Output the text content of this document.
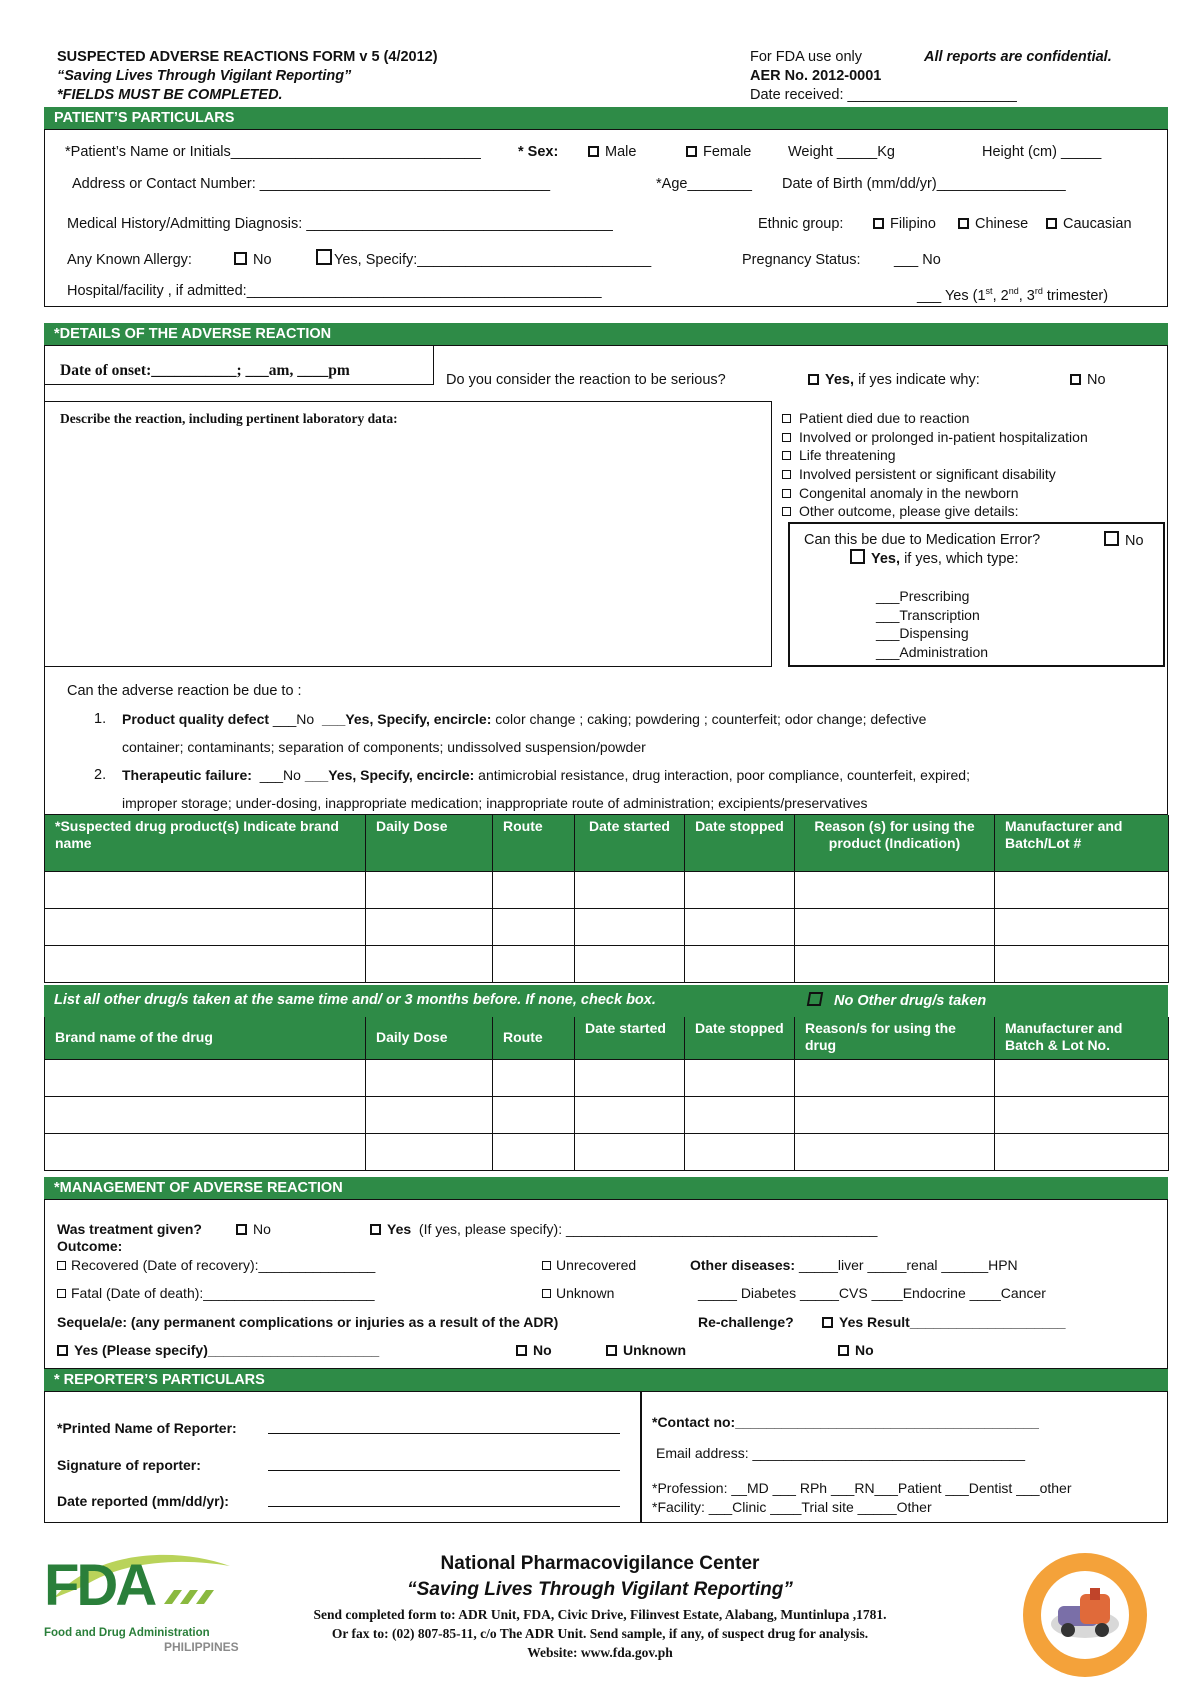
SUSPECTED ADVERSE REACTIONS FORM v 5 (4/2012)
“Saving Lives Through Vigilant Reporting”
*FIELDS MUST BE COMPLETED.
For FDA use only	All reports are confidential.
AER No. 2012-0001
Date received: _____________________
PATIENT’S PARTICULARS
*Patient’s Name or Initials_______________________________	* Sex:	Male	Female	Weight _____Kg	Height (cm) _____
Address or Contact Number: ____________________________________	*Age________ Date of Birth (mm/dd/yr)________________
Medical History/Admitting Diagnosis: ______________________________________	Ethnic group:	Filipino	Chinese	Caucasian
Any Known Allergy:	No	Yes, Specify:_____________________________	Pregnancy Status: ___ No
Hospital/facility , if admitted:____________________________________________	___ Yes (1st, 2nd, 3rd trimester)
*DETAILS OF THE ADVERSE REACTION
Date of onset:___________; ___am, ____pm
Do you consider the reaction to be serious?	Yes, if yes indicate why:	No
Describe the reaction, including pertinent laboratory data:	Patient died due to reaction
Involved or prolonged in-patient hospitalization
Life threatening
Involved persistent or significant disability
Congenital anomaly in the newborn
Other outcome, please give details:
Can this be due to Medication Error?	No
Yes, if yes, which type:
___Prescribing
___Transcription
___Dispensing
___Administration
Can the adverse reaction be due to :
1. Product quality defect ___No ___Yes, Specify, encircle: color change ; caking; powdering ; counterfeit; odor change; defective
container; contaminants; separation of components; undissolved suspension/powder
2. Therapeutic failure: ___No ___Yes, Specify, encircle: antimicrobial resistance, drug interaction, poor compliance, counterfeit, expired;
improper storage; under-dosing, inappropriate medication; inappropriate route of administration; excipients/preservatives
*Suspected drug product(s) Indicate brand name	Daily Dose	Route	Date started	Date stopped	Reason (s) for using the product (Indication)	Manufacturer and Batch/Lot #

List all other drug/s taken at the same time and/ or 3 months before. If none, check box.	No Other drug/s taken
Brand name of the drug	Daily Dose	Route	Date started	Date stopped	Reason/s for using the drug	Manufacturer and Batch & Lot No.

*MANAGEMENT OF ADVERSE REACTION
Was treatment given?	No	Yes (If yes, please specify): ________________________________________
Outcome:
Recovered (Date of recovery):_______________	Unrecovered	Other diseases: _____liver _____renal ______HPN
Fatal (Date of death):______________________	Unknown	_____ Diabetes _____CVS ____Endocrine ____Cancer
Sequela/e: (any permanent complications or injuries as a result of the ADR)	Re-challenge?	Yes Result____________________
Yes (Please specify)______________________	No	Unknown	No
* REPORTER’S PARTICULARS
*Printed Name of Reporter:
Signature of reporter:
Date reported (mm/dd/yr):
*Contact no:_______________________________________
Email address: ___________________________________
*Profession: __MD ___ RPh ___RN___Patient ___Dentist ___other
*Facility: ___Clinic ____Trial site _____Other
FDA
Food and Drug Administration
PHILIPPINES
National Pharmacovigilance Center
“Saving Lives Through Vigilant Reporting”
Send completed form to: ADR Unit, FDA, Civic Drive, Filinvest Estate, Alabang, Muntinlupa ,1781.
Or fax to: (02) 807-85-11, c/o The ADR Unit. Send sample, if any, of suspect drug for analysis.
Website: www.fda.gov.ph
